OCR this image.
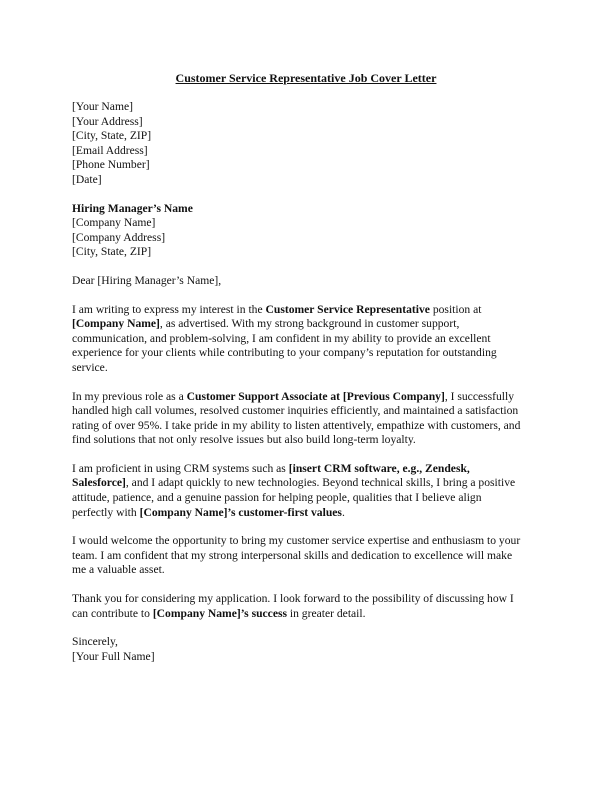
Customer Service Representative Job Cover Letter
[Your Name]
[Your Address]
[City, State, ZIP]
[Email Address]
[Phone Number]
[Date]
Hiring Manager’s Name
[Company Name]
[Company Address]
[City, State, ZIP]
Dear [Hiring Manager’s Name],
I am writing to express my interest in the Customer Service Representative position at
[Company Name], as advertised. With my strong background in customer support,
communication, and problem-solving, I am confident in my ability to provide an excellent
experience for your clients while contributing to your company’s reputation for outstanding
service.
In my previous role as a Customer Support Associate at [Previous Company], I successfully
handled high call volumes, resolved customer inquiries efficiently, and maintained a satisfaction
rating of over 95%. I take pride in my ability to listen attentively, empathize with customers, and
find solutions that not only resolve issues but also build long-term loyalty.
I am proficient in using CRM systems such as [insert CRM software, e.g., Zendesk,
Salesforce], and I adapt quickly to new technologies. Beyond technical skills, I bring a positive
attitude, patience, and a genuine passion for helping people, qualities that I believe align
perfectly with [Company Name]’s customer-first values.
I would welcome the opportunity to bring my customer service expertise and enthusiasm to your
team. I am confident that my strong interpersonal skills and dedication to excellence will make
me a valuable asset.
Thank you for considering my application. I look forward to the possibility of discussing how I
can contribute to [Company Name]’s success in greater detail.
Sincerely,
[Your Full Name]
